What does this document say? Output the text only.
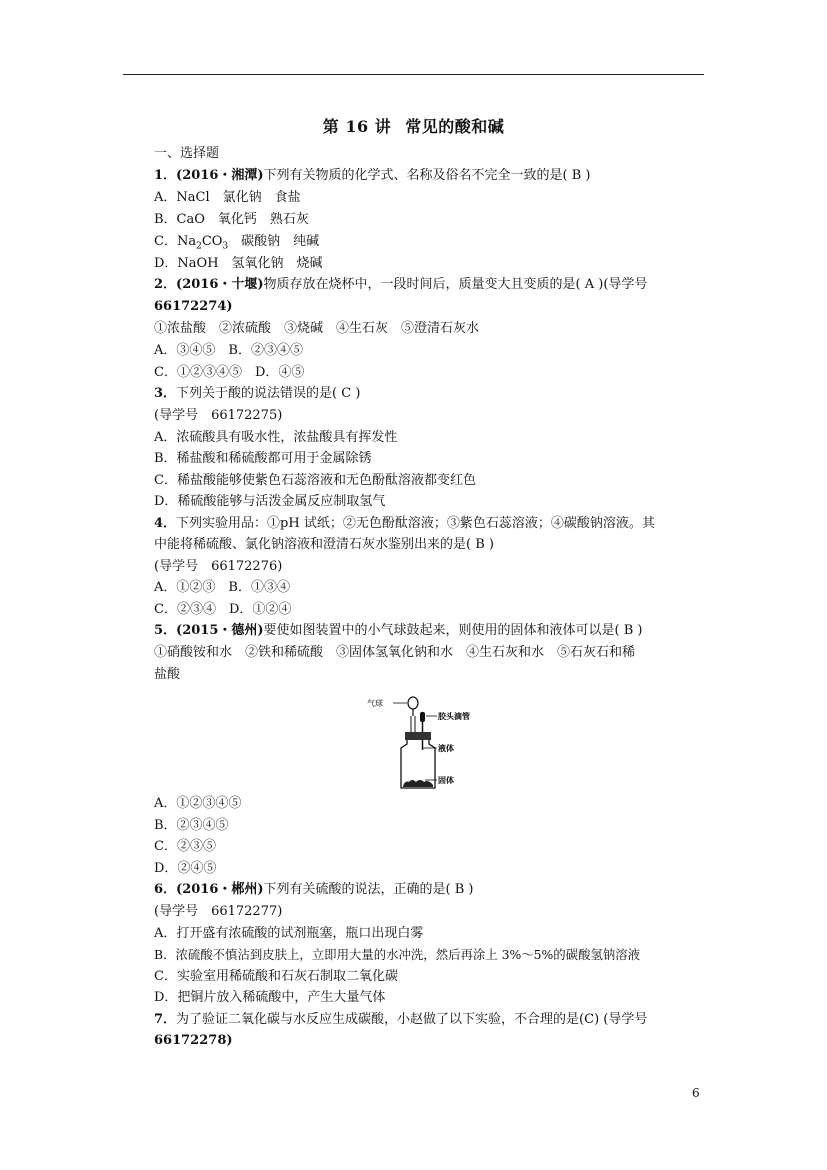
第 16 讲 常见的酸和碱
一、选择题
1．(2016・湘潭)下列有关物质的化学式、名称及俗名不完全一致的是( B )
A．NaCl　氯化钠　食盐
B．CaO　氧化钙　熟石灰
C．$Na_2CO_3$　碳酸钠　纯碱
D．NaOH　氢氧化钠　烧碱
2．(2016・十堰)物质存放在烧杯中，一段时间后，质量变大且变质的是( A )(导学号
66172274)
①浓盐酸　②浓硫酸　③烧碱　④生石灰　⑤澄清石灰水
A．③④⑤　B．②③④⑤
C．①②③④⑤　D．④⑤
3．下列关于酸的说法错误的是( C )
(导学号　66172275)
A．浓硫酸具有吸水性，浓盐酸具有挥发性
B．稀盐酸和稀硫酸都可用于金属除锈
C．稀盐酸能够使紫色石蕊溶液和无色酚酞溶液都变红色
D．稀硫酸能够与活泼金属反应制取氢气
4．下列实验用品：①pH 试纸；②无色酚酞溶液；③紫色石蕊溶液；④碳酸钠溶液。其
中能将稀硫酸、氯化钠溶液和澄清石灰水鉴别出来的是( B )
(导学号　66172276)
A．①②③　B．①③④
C．②③④　D．①②④
5．(2015・德州)要使如图装置中的小气球鼓起来，则使用的固体和液体可以是( B )
①硝酸铵和水　②铁和稀硫酸　③固体氢氧化钠和水　④生石灰和水　⑤石灰石和稀
盐酸
气球
胶头滴管
液体
固体
A．①②③④⑤
B．②③④⑤
C．②③⑤
D．②④⑤
6．(2016・郴州)下列有关硫酸的说法，正确的是( B )
(导学号　66172277)
A．打开盛有浓硫酸的试剂瓶塞，瓶口出现白雾
B．浓硫酸不慎沾到皮肤上，立即用大量的水冲洗，然后再涂上 3%～5%的碳酸氢钠溶液
C．实验室用稀硫酸和石灰石制取二氧化碳
D．把铜片放入稀硫酸中，产生大量气体
7．为了验证二氧化碳与水反应生成碳酸，小赵做了以下实验，不合理的是(C) (导学号
66172278)
6
